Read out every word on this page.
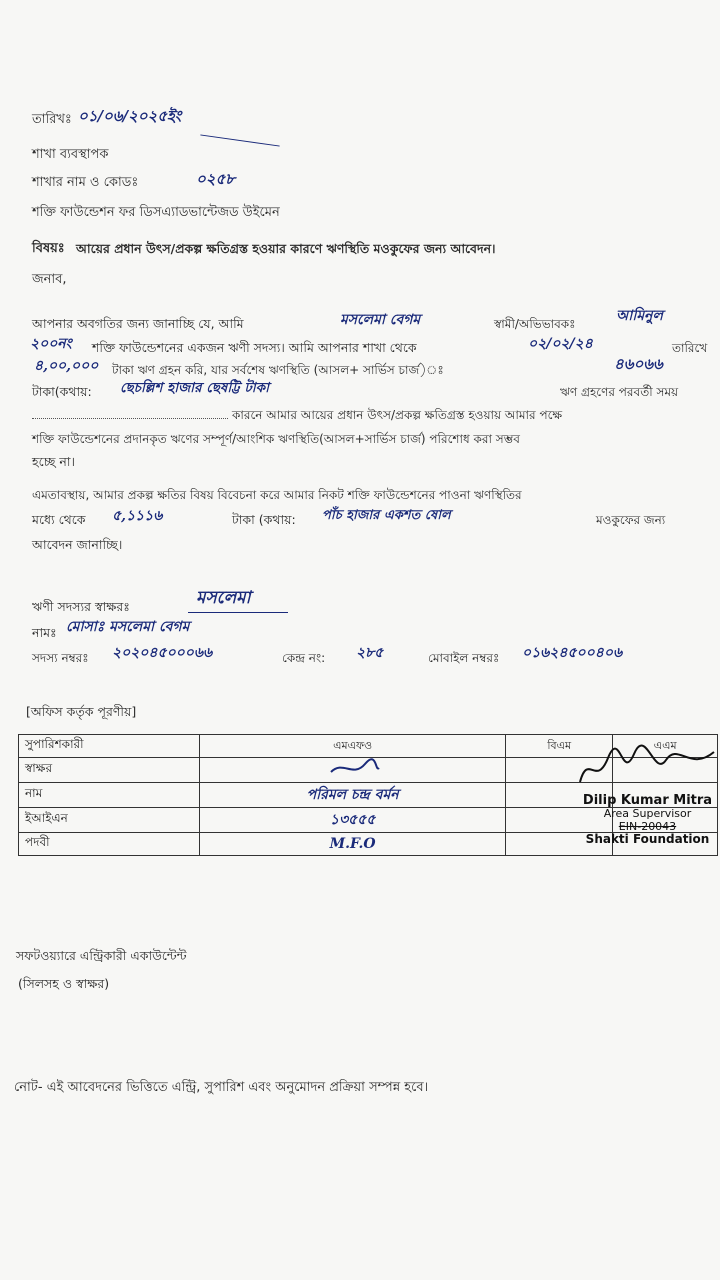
তারিখঃ ০১/০৬/২০২৫ইং
শাখা ব্যবস্থাপক
শাখার নাম ও কোডঃ	০২৫৮
শক্তি ফাউন্ডেশন ফর ডিসএ্যাডভান্টেজড উইমেন
বিষয়ঃ আয়ের প্রধান উৎস/প্রকল্প ক্ষতিগ্রস্ত হওয়ার কারণে ঋণস্থিতি মওকুফের জন্য আবেদন।
জনাব,
আপনার অবগতির জন্য জানাচ্ছি যে, আমি	মসলেমা বেগম	স্বামী/অভিভাবকঃ	আমিনুল
২০০নং শক্তি ফাউন্ডেশনের একজন ঋণী সদস্য। আমি আপনার শাখা থেকে	০২/০২/২৪	তারিখে
৪,০০,০০০ টাকা ঋণ গ্রহন করি, যার সর্বশেষ ঋণস্থিতি (আসল+ সার্ভিস চার্জ)ঃ	৪৬০৬৬
টাকা(কথায়: ছেচল্লিশ হাজার ছেষট্টি টাকা	ঋণ গ্রহণের পরবর্তী সময়
কারনে আমার আয়ের প্রধান উৎস/প্রকল্প ক্ষতিগ্রস্ত হওয়ায় আমার পক্ষে
শক্তি ফাউন্ডেশনের প্রদানকৃত ঋণের সম্পূর্ণ/আংশিক ঋণস্থিতি(আসল+সার্ভিস চার্জ) পরিশোধ করা সম্ভব
হচ্ছে না।
এমতাবস্থায়, আমার প্রকল্প ক্ষতির বিষয় বিবেচনা করে আমার নিকট শক্তি ফাউন্ডেশনের পাওনা ঋণস্থিতির
মধ্যে থেকে ৫,১১১৬	টাকা (কথায়: পাঁচ হাজার একশত ষোল	মওকুফের জন্য
আবেদন জানাচ্ছি।
ঋণী সদস্যর স্বাক্ষরঃ	মসলেমা
নামঃ মোসাঃ মসলেমা বেগম
সদস্য নম্বরঃ ২০২০৪৫০০০৬৬	কেন্দ্র নং: ২৮৫	মোবাইল নম্বরঃ ০১৬২৪৫০০৪০৬
[অফিস কর্তৃক পূরণীয়]
সুপারিশকারী	এমএফও	বিএম	এএম
স্বাক্ষর			
নাম	পরিমল চন্দ্র বর্মন		
ইআইএন	১৩৫৫৫		
পদবী	M.F.O		
Dilip Kumar Mitra
Area Supervisor
EIN-20043
Shakti Foundation
সফটওয়্যারে এন্ট্রিকারী একাউন্টেন্ট
(সিলসহ ও স্বাক্ষর)
নোট- এই আবেদনের ভিত্তিতে এন্ট্রি, সুপারিশ এবং অনুমোদন প্রক্রিয়া সম্পন্ন হবে।
